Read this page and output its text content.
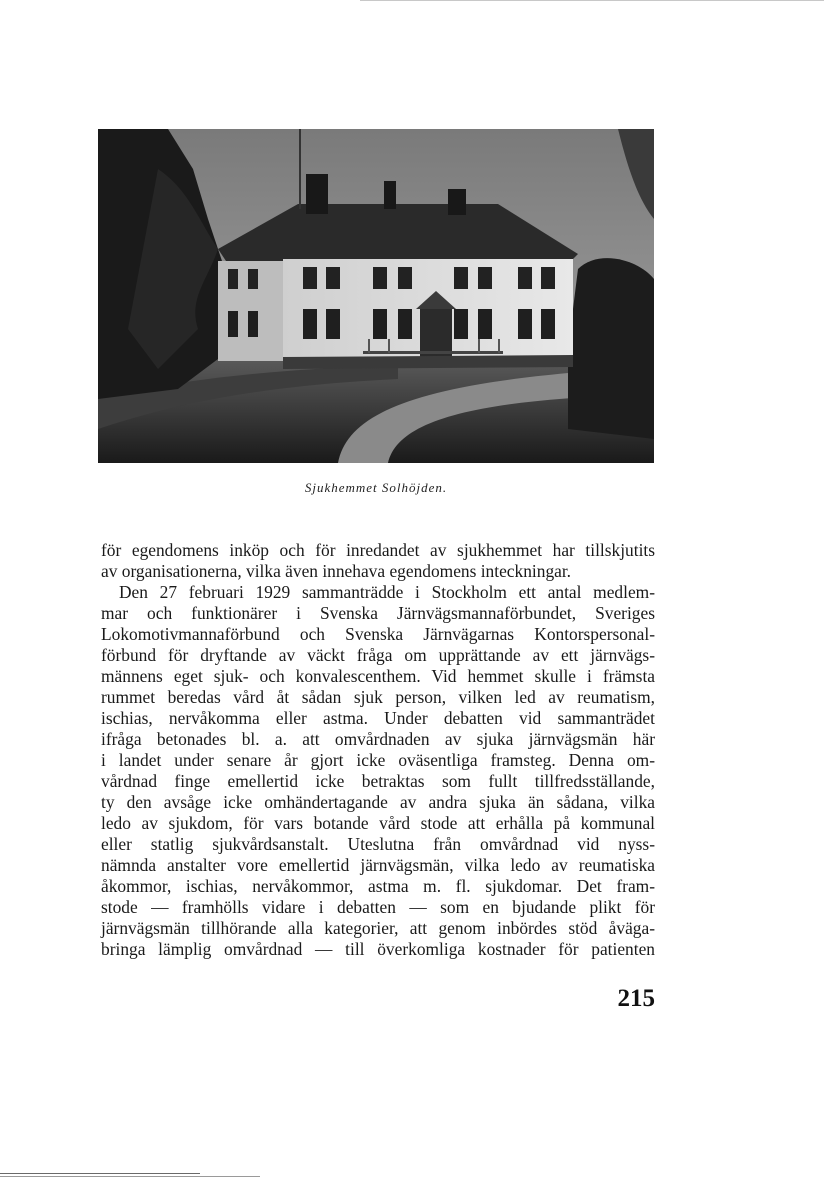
Sjukhemmet Solhöjden.
för egendomens inköp och för inredandet av sjukhemmet har tillskjutits
av organisationerna, vilka även innehava egendomens inteckningar.
Den 27 februari 1929 sammanträdde i Stockholm ett antal medlem-
mar och funktionärer i Svenska Järnvägsmannaförbundet, Sveriges
Lokomotivmannaförbund och Svenska Järnvägarnas Kontorspersonal-
förbund för dryftande av väckt fråga om upprättande av ett järnvägs-
männens eget sjuk- och konvalescenthem. Vid hemmet skulle i främsta
rummet beredas vård åt sådan sjuk person, vilken led av reumatism,
ischias, nervåkomma eller astma. Under debatten vid sammanträdet
ifråga betonades bl. a. att omvårdnaden av sjuka järnvägsmän här
i landet under senare år gjort icke oväsentliga framsteg. Denna om-
vårdnad finge emellertid icke betraktas som fullt tillfredsställande,
ty den avsåge icke omhändertagande av andra sjuka än sådana, vilka
ledo av sjukdom, för vars botande vård stode att erhålla på kommunal
eller statlig sjukvårdsanstalt. Uteslutna från omvårdnad vid nyss-
nämnda anstalter vore emellertid järnvägsmän, vilka ledo av reumatiska
åkommor, ischias, nervåkommor, astma m. fl. sjukdomar. Det fram-
stode — framhölls vidare i debatten — som en bjudande plikt för
järnvägsmän tillhörande alla kategorier, att genom inbördes stöd åväga-
bringa lämplig omvårdnad — till överkomliga kostnader för patienten
215
